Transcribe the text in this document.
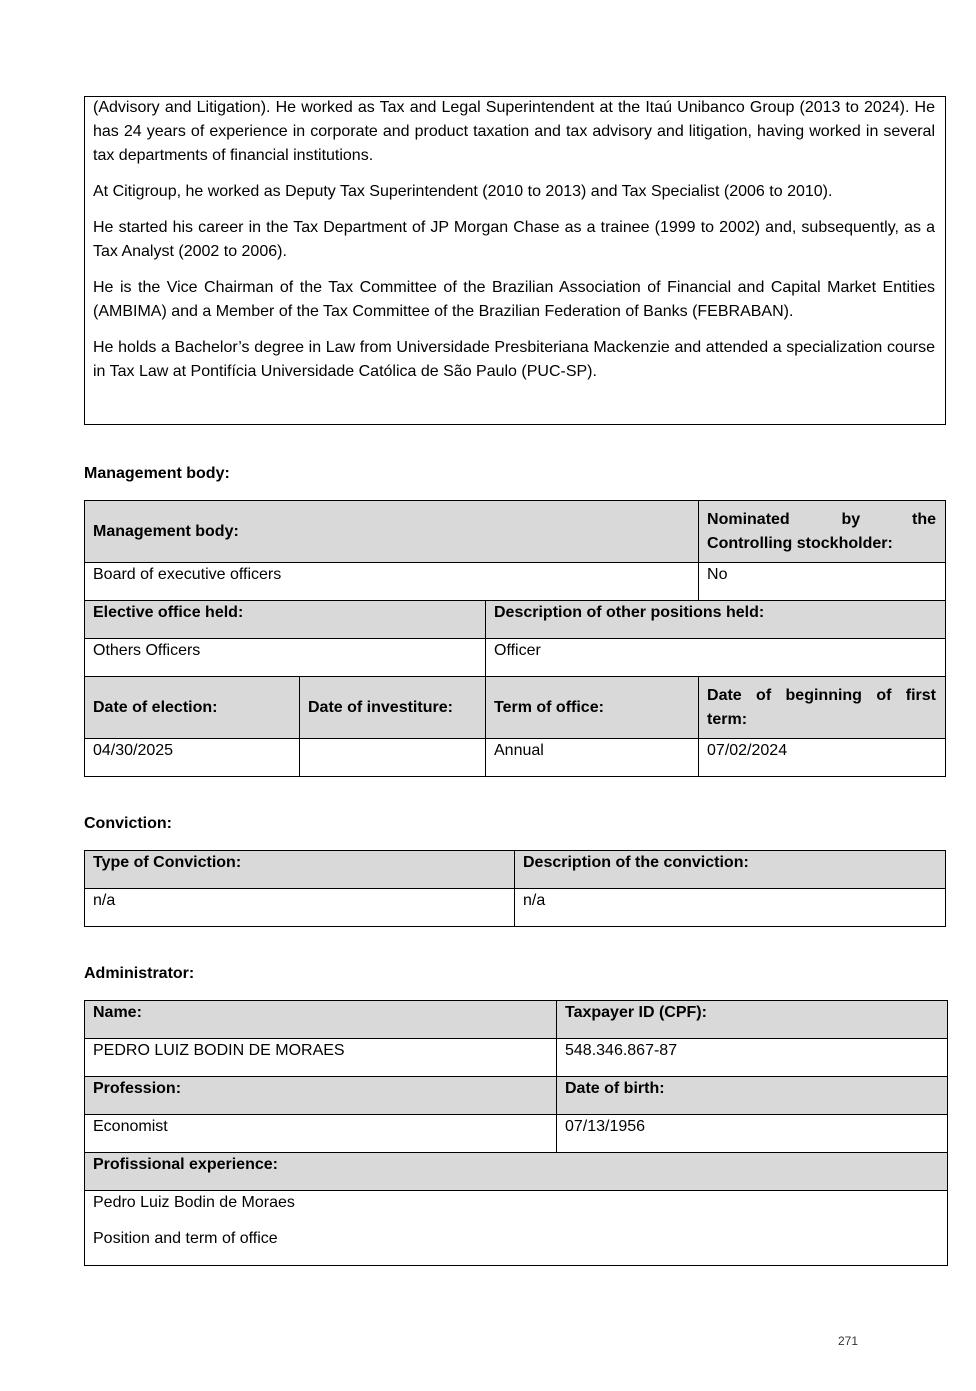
(Advisory and Litigation). He worked as Tax and Legal Superintendent at the Itaú Unibanco Group (2013 to 2024). He has 24 years of experience in corporate and product taxation and tax advisory and litigation, having worked in several tax departments of financial institutions.

At Citigroup, he worked as Deputy Tax Superintendent (2010 to 2013) and Tax Specialist (2006 to 2010).

He started his career in the Tax Department of JP Morgan Chase as a trainee (1999 to 2002) and, subsequently, as a Tax Analyst (2002 to 2006).

He is the Vice Chairman of the Tax Committee of the Brazilian Association of Financial and Capital Market Entities (AMBIMA) and a Member of the Tax Committee of the Brazilian Federation of Banks (FEBRABAN).

He holds a Bachelor’s degree in Law from Universidade Presbiteriana Mackenzie and attended a specialization course in Tax Law at Pontifícia Universidade Católica de São Paulo (PUC-SP).

Management body:
Management body:			Nominated by the
Controlling stockholder:

Board of executive officers			No
Elective office held:		Description of other positions held:	
Others Officers		Officer	
Date of election:	Date of investiture:	Term of office:	Date of beginning of first
term:

04/30/2025		Annual	07/02/2024
Conviction:
Type of Conviction:	Description of the conviction:
n/a	n/a
Administrator:
Name:	Taxpayer ID (CPF):
PEDRO LUIZ BODIN DE MORAES	548.346.867-87
Profession:	Date of birth:
Economist	07/13/1956
Profissional experience:	

Pedro Luiz Bodin de Moraes
Position and term of office	
271
